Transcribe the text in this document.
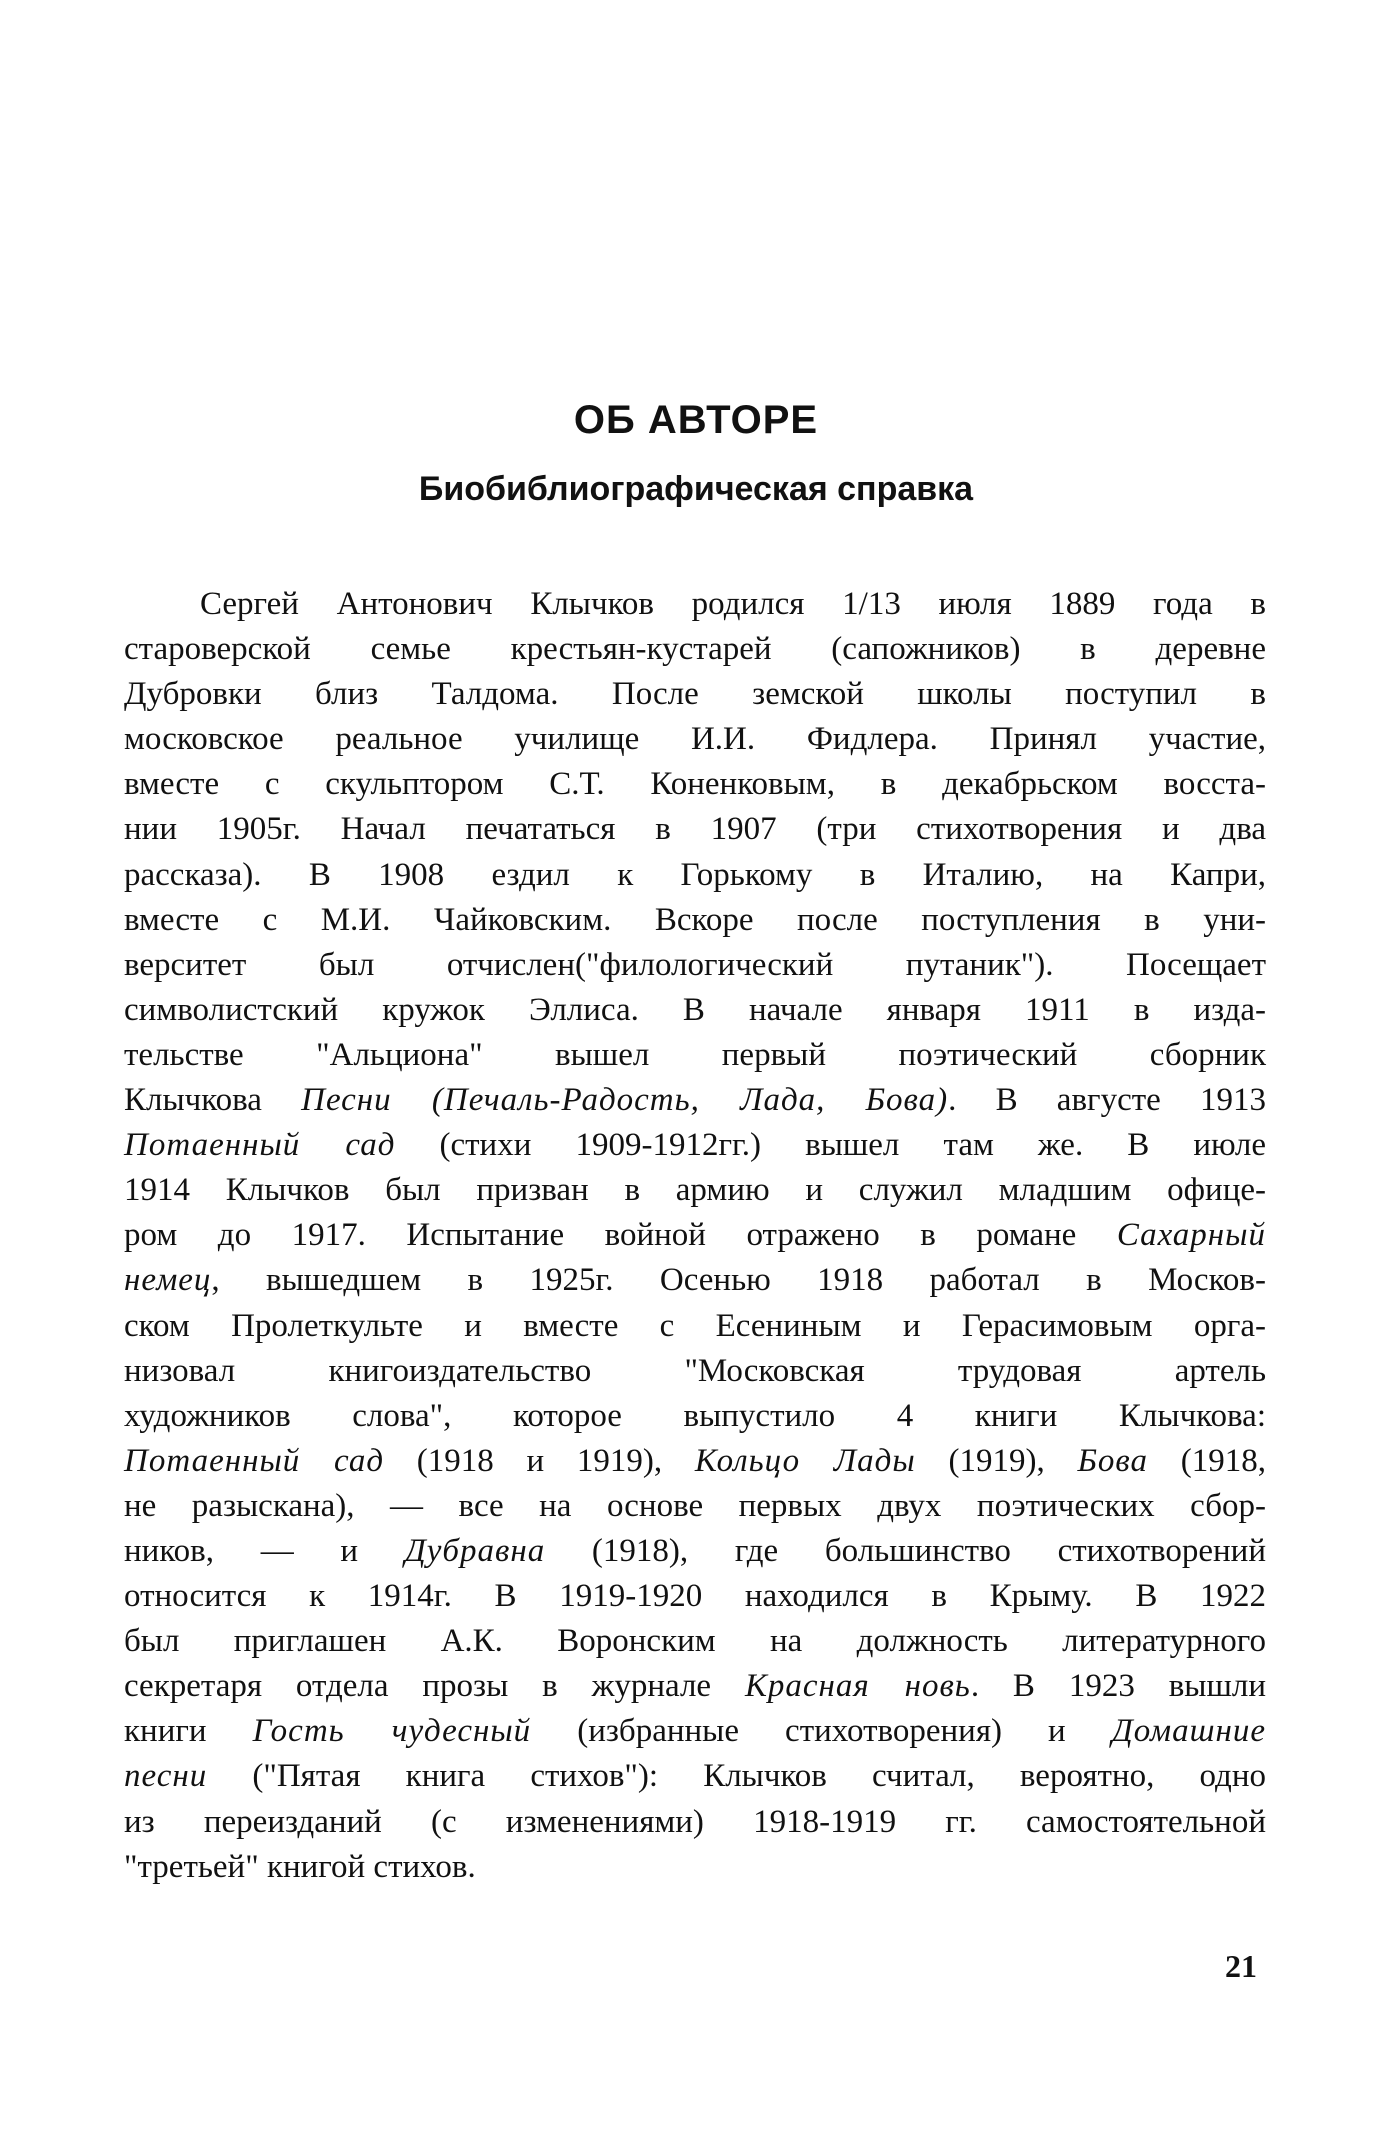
ОБ АВТОРЕ
Биобиблиографическая справка
Сергей Антонович Клычков родился 1/13 июля 1889 года в
староверской семье крестьян-кустарей (сапожников) в деревне
Дубровки близ Талдома. После земской школы поступил в
московское реальное училище И.И. Фидлера. Принял участие,
вместе с скульптором С.Т. Коненковым, в декабрьском восста-
нии 1905г. Начал печататься в 1907 (три стихотворения и два
рассказа). В 1908 ездил к Горькому в Италию, на Капри,
вместе с М.И. Чайковским. Вскоре после поступления в уни-
верситет был отчислен("филологический путаник"). Посещает
символистский кружок Эллиса. В начале января 1911 в изда-
тельстве "Альциона" вышел первый поэтический сборник
Клычкова Песни (Печаль-Радость, Лада, Бова). В августе 1913
Потаенный сад (стихи 1909-1912гг.) вышел там же. В июле
1914 Клычков был призван в армию и служил младшим офице-
ром до 1917. Испытание войной отражено в романе Сахарный
немец, вышедшем в 1925г. Осенью 1918 работал в Москов-
ском Пролеткульте и вместе с Есениным и Герасимовым орга-
низовал книгоиздательство "Московская трудовая артель
художников слова", которое выпустило 4 книги Клычкова:
Потаенный сад (1918 и 1919), Кольцо Лады (1919), Бова (1918,
не разыскана), — все на основе первых двух поэтических сбор-
ников, — и Дубравна (1918), где большинство стихотворений
относится к 1914г. В 1919-1920 находился в Крыму. В 1922
был приглашен А.К. Воронским на должность литературного
секретаря отдела прозы в журнале Красная новь. В 1923 вышли
книги Гость чудесный (избранные стихотворения) и Домашние
песни ("Пятая книга стихов"): Клычков считал, вероятно, одно
из переизданий (с изменениями) 1918-1919 гг. самостоятельной
"третьей" книгой стихов.

21
